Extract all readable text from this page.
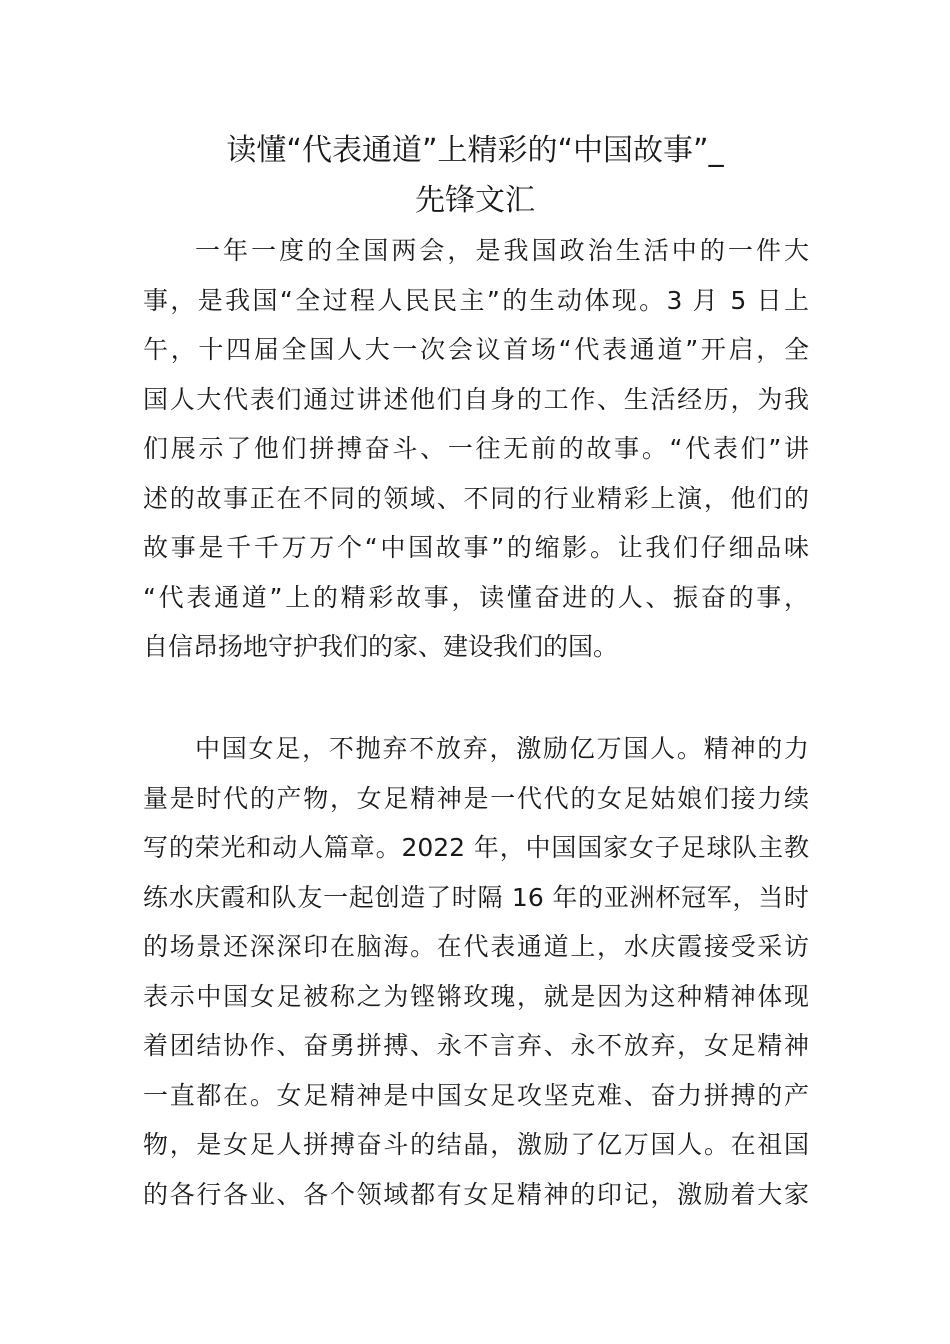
读懂“代表通道”上精彩的“中国故事”_
先锋文汇
一年一度的全国两会，是我国政治生活中的一件大
事，是我国“全过程人民民主”的生动体现。3 月 5 日上
午，十四届全国人大一次会议首场“代表通道”开启，全
国人大代表们通过讲述他们自身的工作、生活经历，为我
们展示了他们拼搏奋斗、一往无前的故事。“代表们”讲
述的故事正在不同的领域、不同的行业精彩上演，他们的
故事是千千万万个“中国故事”的缩影。让我们仔细品味
“代表通道”上的精彩故事，读懂奋进的人、振奋的事，
自信昂扬地守护我们的家、建设我们的国。
中国女足，不抛弃不放弃，激励亿万国人。精神的力
量是时代的产物，女足精神是一代代的女足姑娘们接力续
写的荣光和动人篇章。2022 年，中国国家女子足球队主教
练水庆霞和队友一起创造了时隔 16 年的亚洲杯冠军，当时
的场景还深深印在脑海。在代表通道上，水庆霞接受采访
表示中国女足被称之为铿锵玫瑰，就是因为这种精神体现
着团结协作、奋勇拼搏、永不言弃、永不放弃，女足精神
一直都在。女足精神是中国女足攻坚克难、奋力拼搏的产
物，是女足人拼搏奋斗的结晶，激励了亿万国人。在祖国
的各行各业、各个领域都有女足精神的印记，激励着大家
